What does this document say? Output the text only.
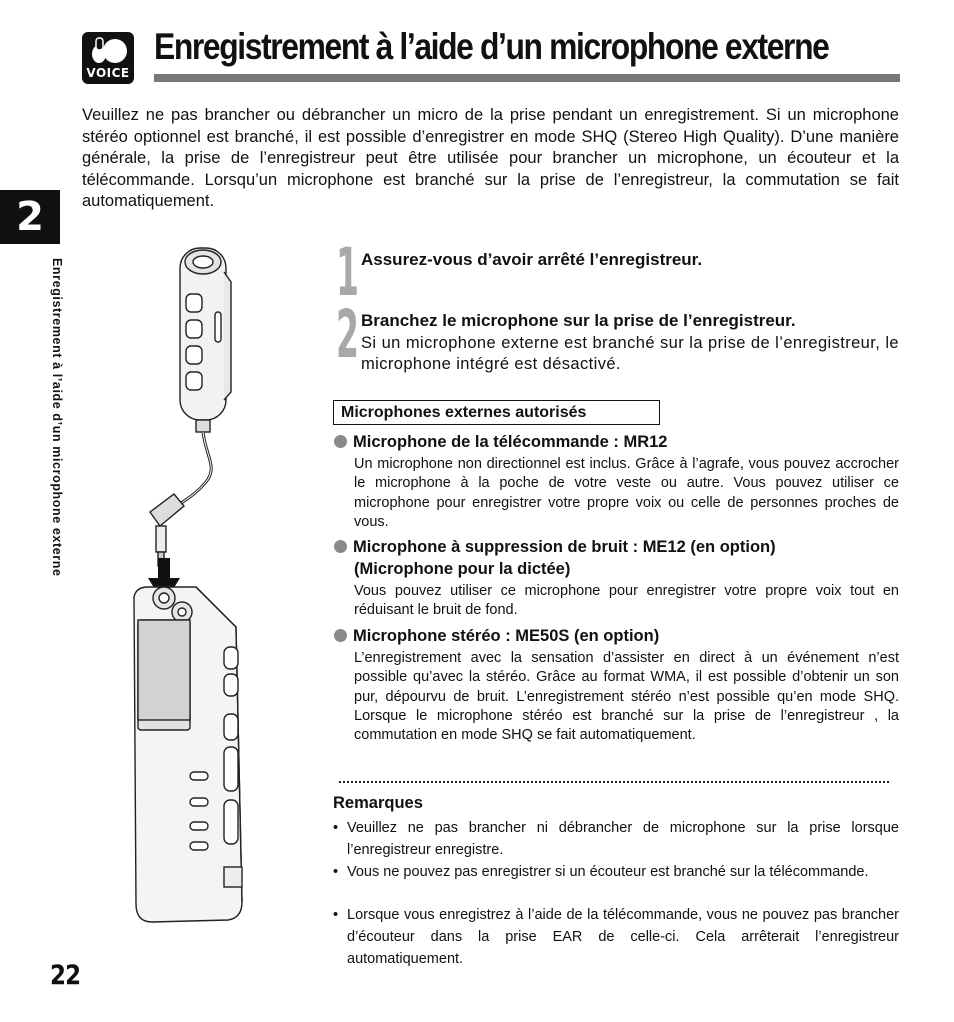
VOICE
Enregistrement à l’aide d’un microphone externe
Veuillez ne pas brancher ou débrancher un micro de la prise pendant un enregistrement. Si un microphone stéréo optionnel est branché, il est possible d’enregistrer en mode SHQ (Stereo High Quality). D’une manière générale, la prise de l’enregistreur peut être utilisée pour brancher un microphone, un écouteur et la télécommande. Lorsqu’un microphone est branché sur la prise de l’enregistreur, la commutation se fait automatiquement.
2
Enregistrement à l’aide d’un microphone externe	1 Assurez-vous d’avoir arrêté l’enregistreur.
2 Branchez le microphone sur la prise de l’enregistreur.
Si un microphone externe est branché sur la prise de l’enregistreur, le microphone intégré est désactivé.
Microphones externes autorisés
Microphone de la télécommande : MR12
Un microphone non directionnel est inclus. Grâce à l’agrafe, vous pouvez accrocher le microphone à la poche de votre veste ou autre. Vous pouvez utiliser ce microphone pour enregistrer votre propre voix ou celle de personnes proches de vous.
Microphone à suppression de bruit : ME12 (en option)
(Microphone pour la dictée)
Vous pouvez utiliser ce microphone pour enregistrer votre propre voix tout en réduisant le bruit de fond.
Microphone stéréo : ME50S (en option)
L’enregistrement avec la sensation d’assister en direct à un événement n’est possible qu’avec la stéréo. Grâce au format WMA, il est possible d’obtenir un son pur, dépourvu de bruit. L’enregistrement stéréo n’est possible qu’en mode SHQ. Lorsque le microphone stéréo est branché sur la prise de l’enregistreur , la commutation en mode SHQ se fait automatiquement.
Remarques
• Veuillez ne pas brancher ni débrancher de microphone sur la prise lorsque l’enregistreur enregistre.
• Vous ne pouvez pas enregistrer si un écouteur est branché sur la télécommande.
• Lorsque vous enregistrez à l’aide de la télécommande, vous ne pouvez pas brancher d’écouteur dans la prise EAR de celle-ci. Cela arrêterait l’enregistreur automatiquement.
22
